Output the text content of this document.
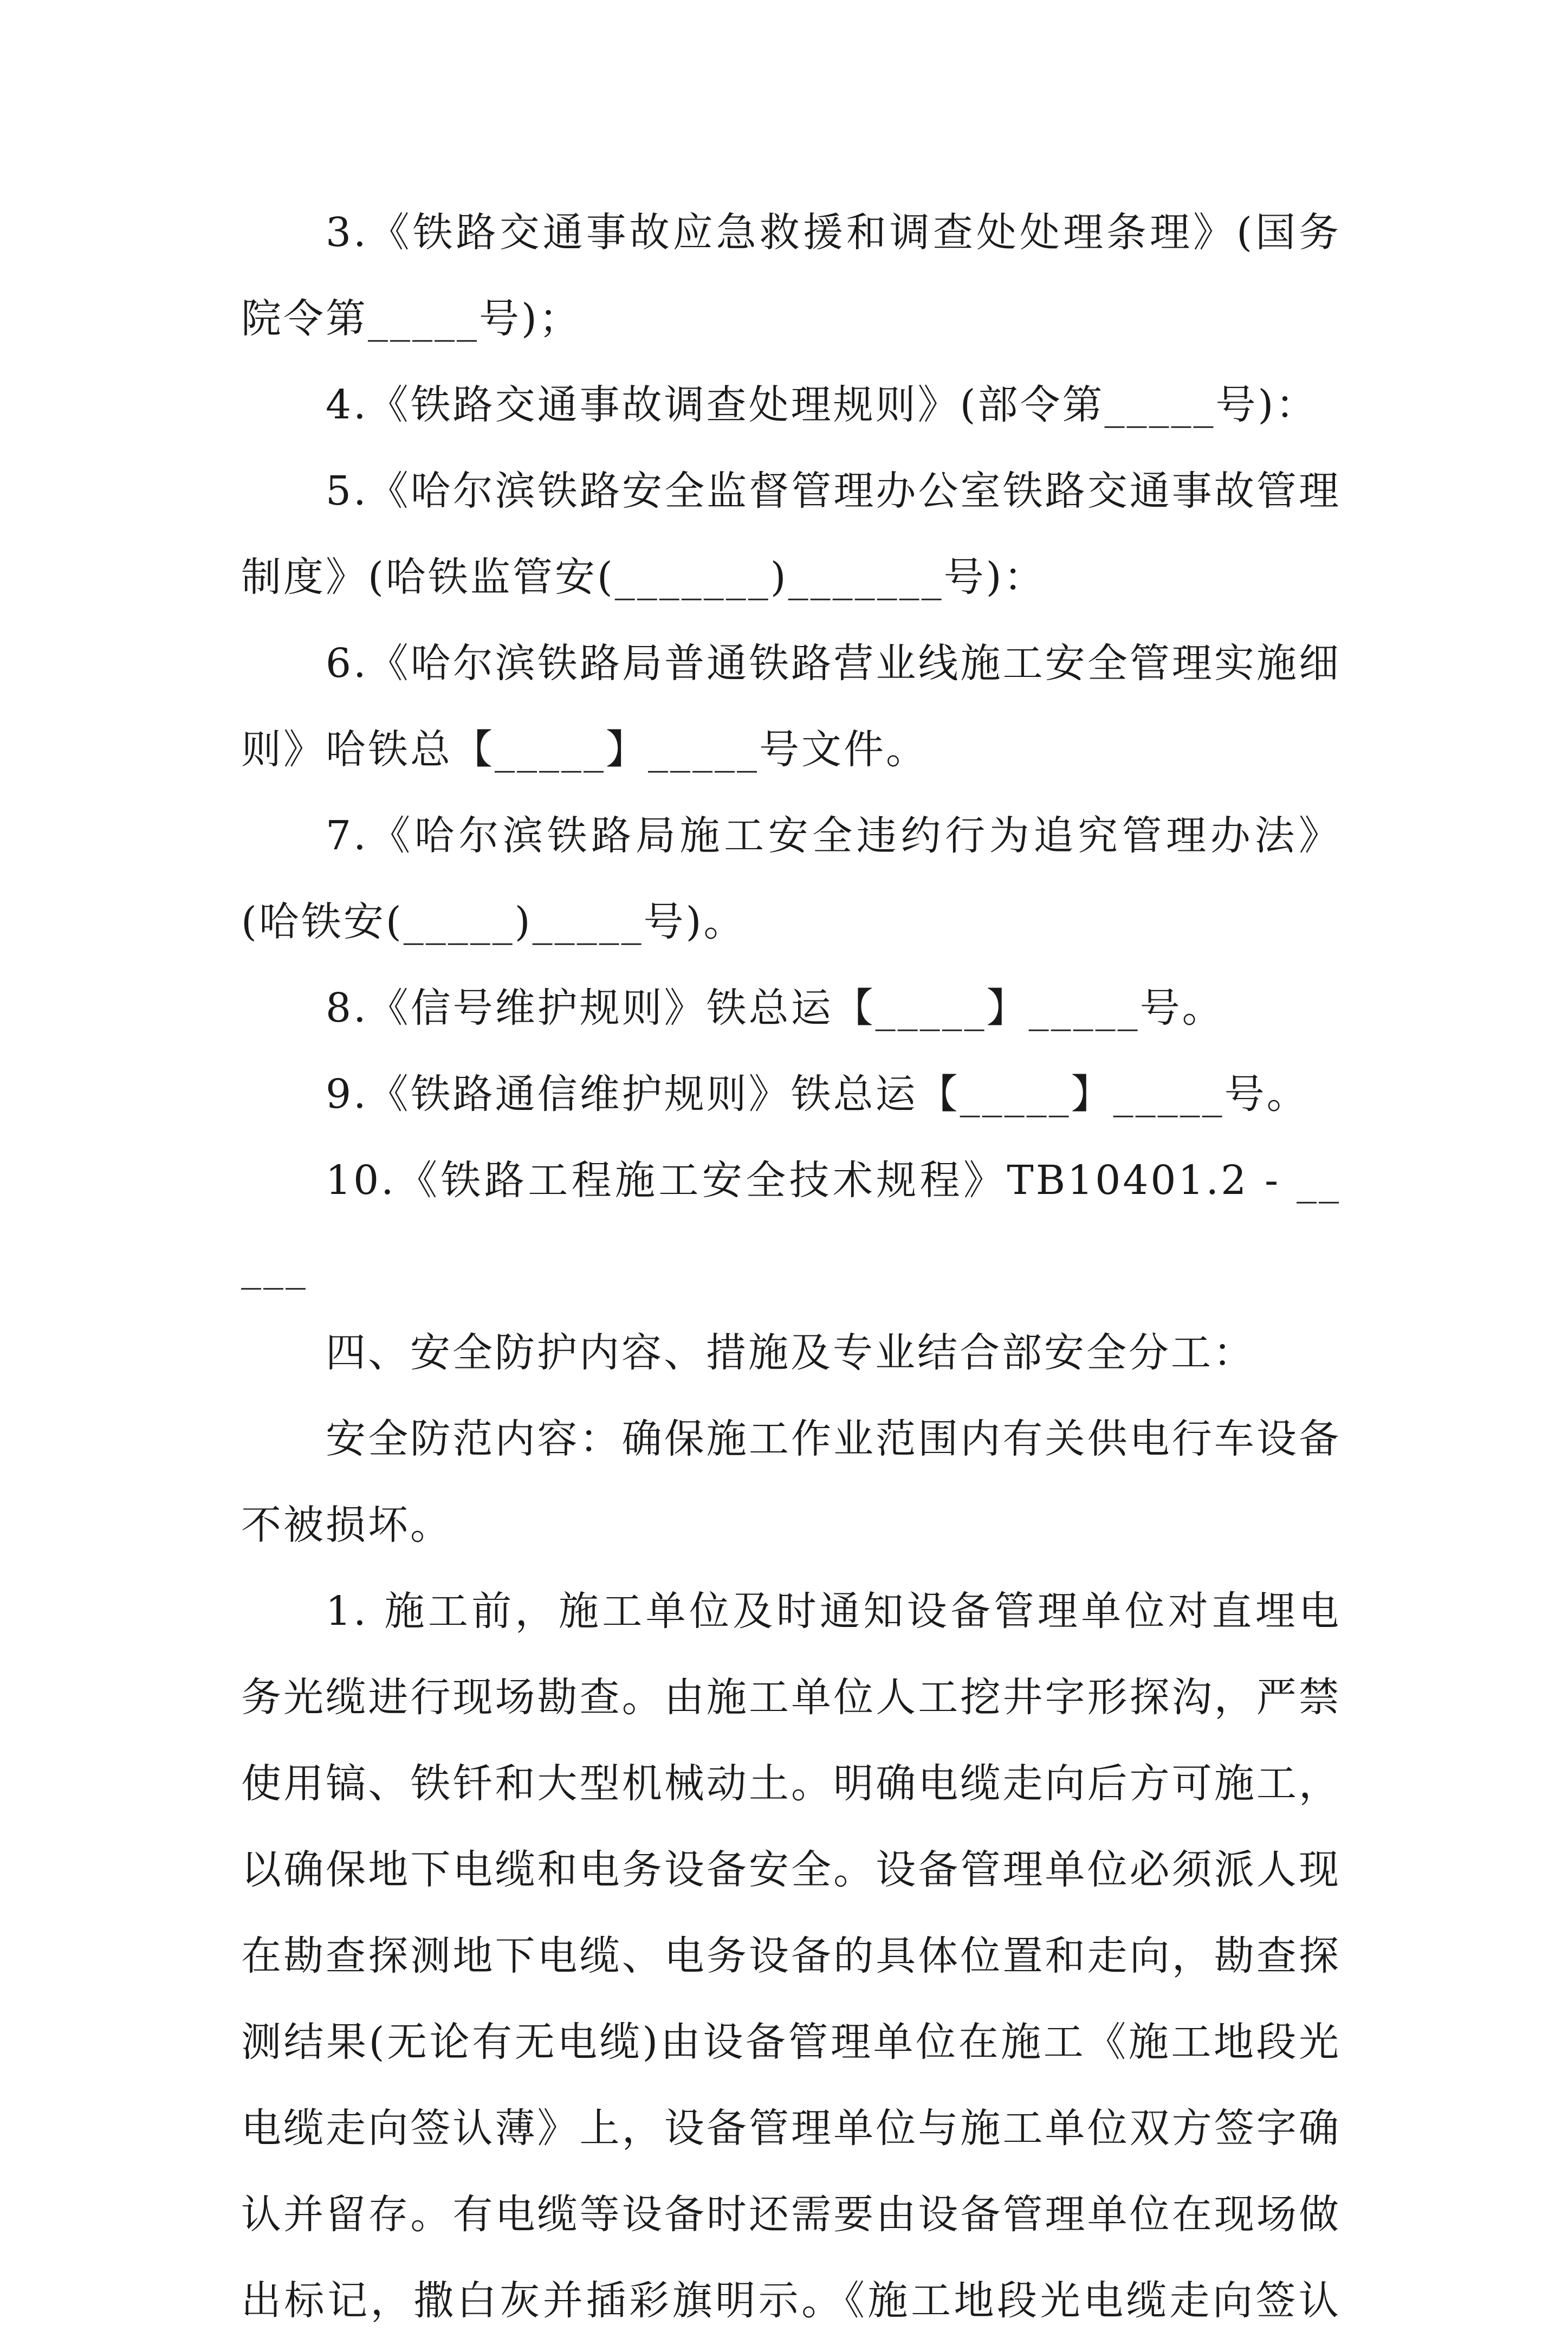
3.《铁路交通事故应急救援和调查处处理条理》(国务院令第_____号)；

4.《铁路交通事故调查处理规则》(部令第_____号)：

5.《哈尔滨铁路安全监督管理办公室铁路交通事故管理制度》(哈铁监管安(_______)_______号)：

6.《哈尔滨铁路局普通铁路营业线施工安全管理实施细则》哈铁总【_____】_____号文件。

7.《哈尔滨铁路局施工安全违约行为追究管理办法》(哈铁安(_____)_____号)。

8.《信号维护规则》铁总运【_____】_____号。

9.《铁路通信维护规则》铁总运【_____】_____号。

10.《铁路工程施工安全技术规程》TB10401.2 - _____

四、安全防护内容、措施及专业结合部安全分工：

安全防范内容：确保施工作业范围内有关供电行车设备不被损坏。

1. 施工前，施工单位及时通知设备管理单位对直埋电务光缆进行现场勘查。由施工单位人工挖井字形探沟，严禁使用镐、铁钎和大型机械动土。明确电缆走向后方可施工，以确保地下电缆和电务设备安全。设备管理单位必须派人现在勘查探测地下电缆、电务设备的具体位置和走向，勘查探测结果(无论有无电缆)由设备管理单位在施工《施工地段光电缆走向签认薄》上，设备管理单位与施工单位双方签字确认并留存。有电缆等设备时还需要由设备管理单位在现场做出标记，撒白灰并插彩旗明示。《施工地段光电缆走向签认
